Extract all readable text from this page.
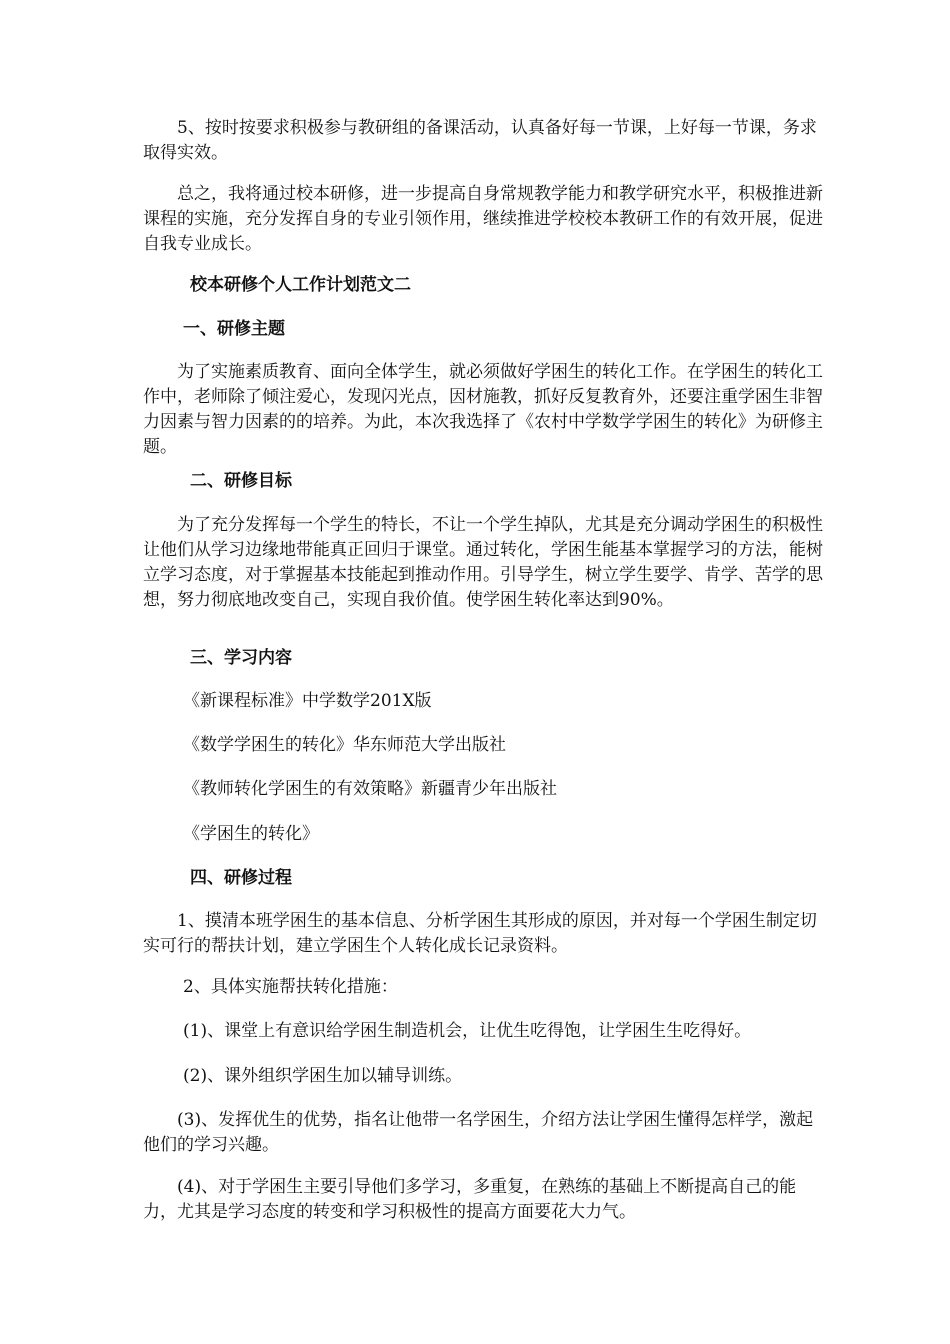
5、按时按要求积极参与教研组的备课活动，认真备好每一节课，上好每一节课，务求取得实效。

总之，我将通过校本研修，进一步提高自身常规教学能力和教学研究水平，积极推进新课程的实施，充分发挥自身的专业引领作用，继续推进学校校本教研工作的有效开展，促进自我专业成长。

校本研修个人工作计划范文二

一、研修主题

为了实施素质教育、面向全体学生，就必须做好学困生的转化工作。在学困生的转化工作中，老师除了倾注爱心，发现闪光点，因材施教，抓好反复教育外，还要注重学困生非智力因素与智力因素的的培养。为此，本次我选择了《农村中学数学学困生的转化》为研修主题。

二、研修目标

为了充分发挥每一个学生的特长，不让一个学生掉队，尤其是充分调动学困生的积极性让他们从学习边缘地带能真正回归于课堂。通过转化，学困生能基本掌握学习的方法，能树立学习态度，对于掌握基本技能起到推动作用。引导学生，树立学生要学、肯学、苦学的思想，努力彻底地改变自己，实现自我价值。使学困生转化率达到90%。

三、学习内容

《新课程标准》中学数学201X版

《数学学困生的转化》华东师范大学出版社

《教师转化学困生的有效策略》新疆青少年出版社

《学困生的转化》

四、研修过程

1、摸清本班学困生的基本信息、分析学困生其形成的原因，并对每一个学困生制定切实可行的帮扶计划，建立学困生个人转化成长记录资料。

2、具体实施帮扶转化措施：

(1)、课堂上有意识给学困生制造机会，让优生吃得饱，让学困生生吃得好。

(2)、课外组织学困生加以辅导训练。

(3)、发挥优生的优势，指名让他带一名学困生，介绍方法让学困生懂得怎样学，激起他们的学习兴趣。

(4)、对于学困生主要引导他们多学习，多重复，在熟练的基础上不断提高自己的能力，尤其是学习态度的转变和学习积极性的提高方面要花大力气。
